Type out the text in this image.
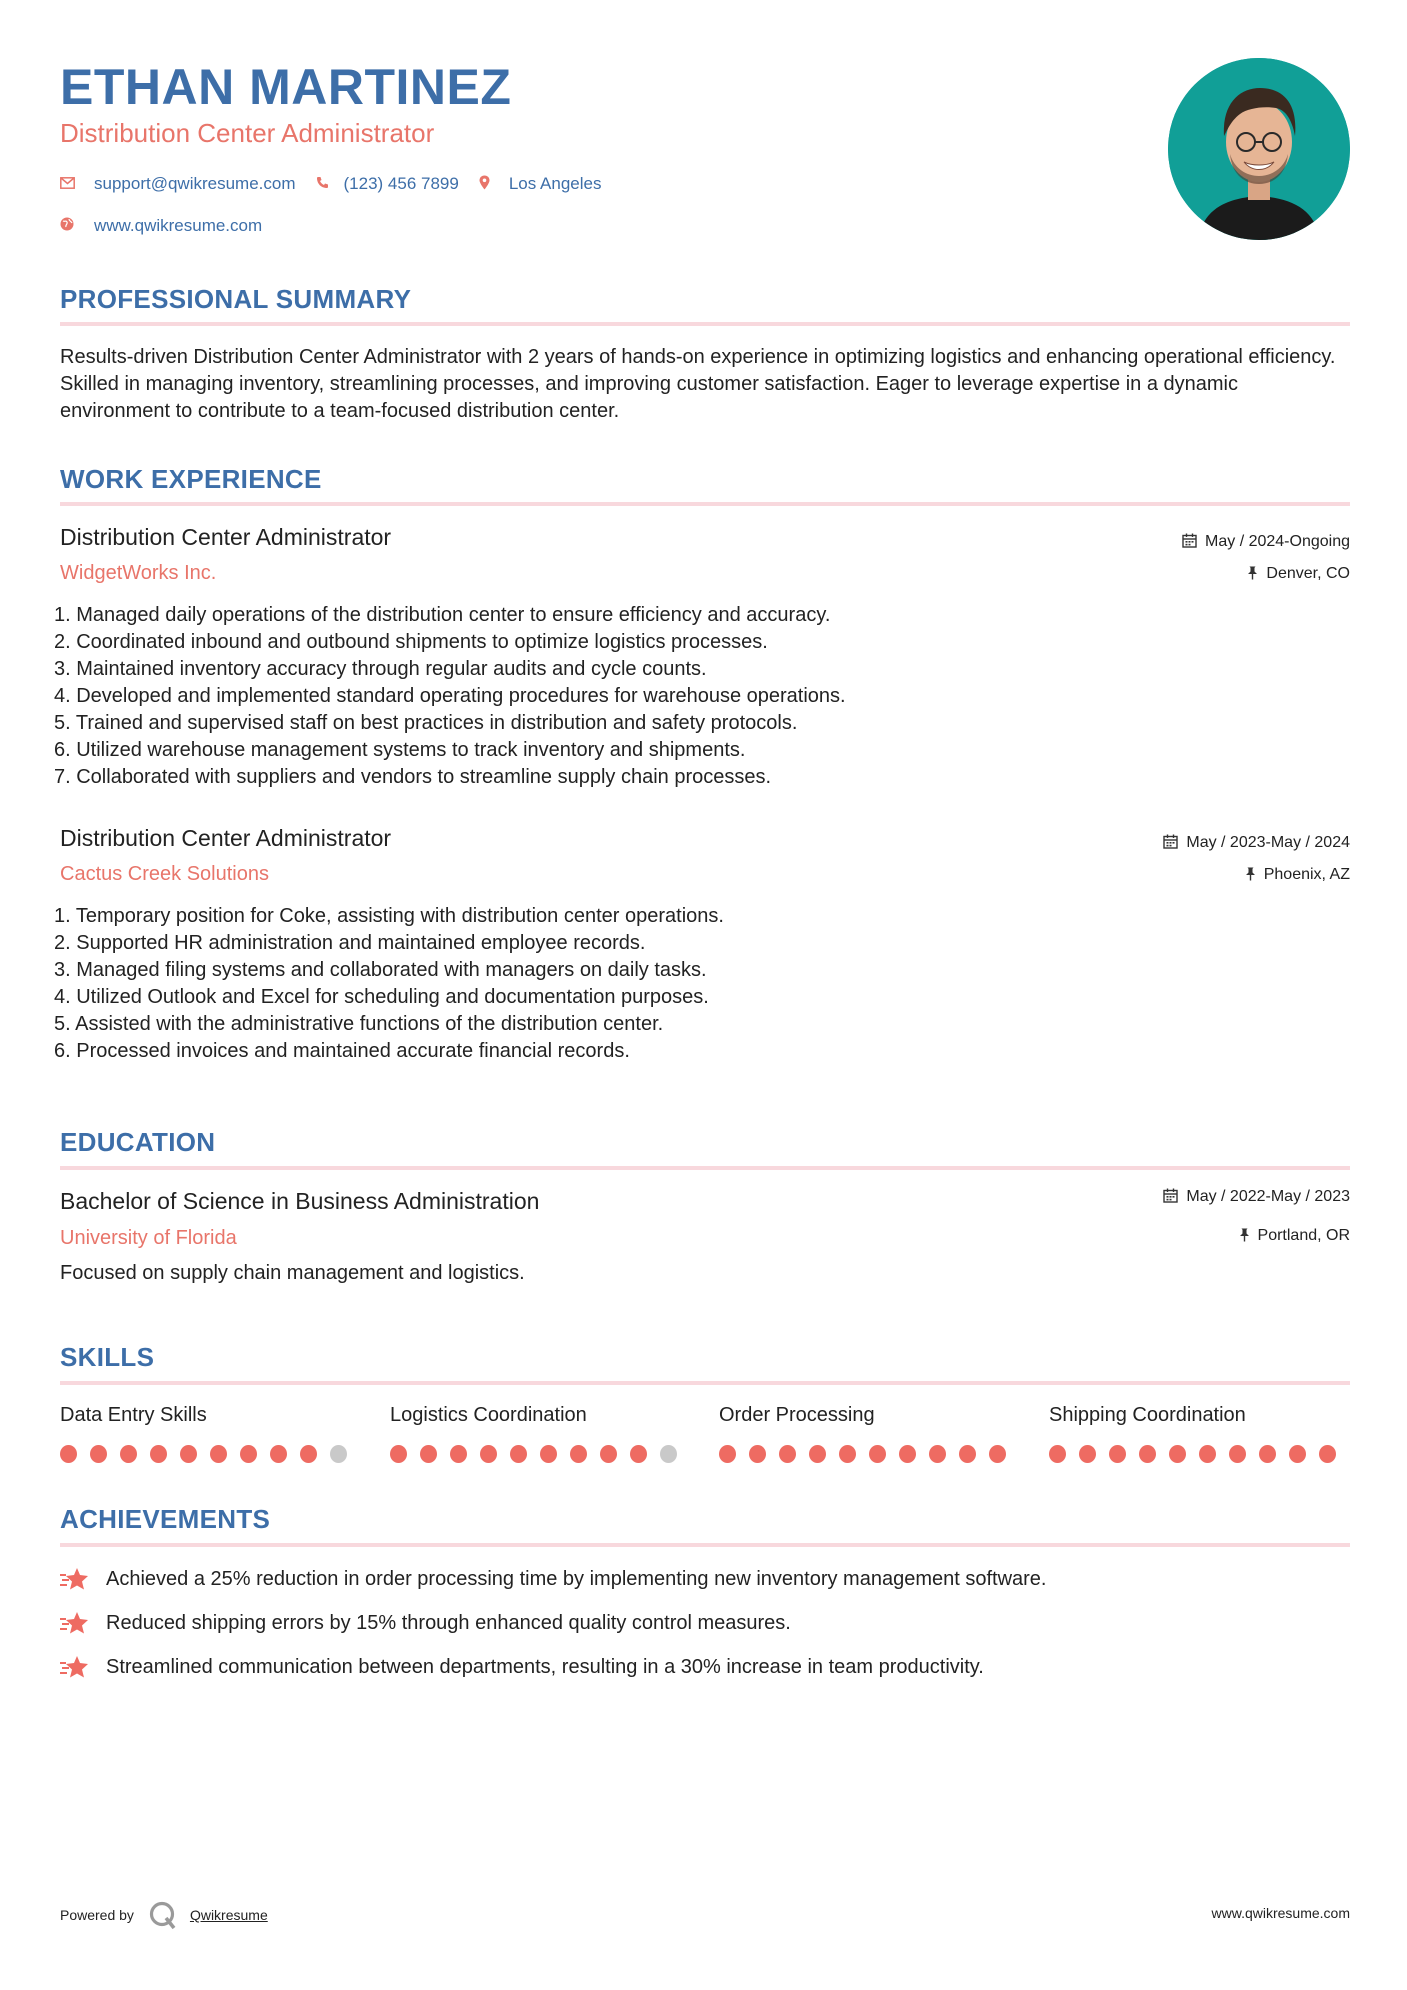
ETHAN MARTINEZ
Distribution Center Administrator
support@qwikresume.com	(123) 456 7899	Los Angeles
www.qwikresume.com
PROFESSIONAL SUMMARY
Results-driven Distribution Center Administrator with 2 years of hands-on experience in optimizing logistics and enhancing operational efficiency. Skilled in managing inventory, streamlining processes, and improving customer satisfaction. Eager to leverage expertise in a dynamic environment to contribute to a team-focused distribution center.
WORK EXPERIENCE
Distribution Center Administrator
WidgetWorks Inc.
May / 2024-Ongoing
Denver, CO
1. Managed daily operations of the distribution center to ensure efficiency and accuracy.
2. Coordinated inbound and outbound shipments to optimize logistics processes.
3. Maintained inventory accuracy through regular audits and cycle counts.
4. Developed and implemented standard operating procedures for warehouse operations.
5. Trained and supervised staff on best practices in distribution and safety protocols.
6. Utilized warehouse management systems to track inventory and shipments.
7. Collaborated with suppliers and vendors to streamline supply chain processes.
Distribution Center Administrator
Cactus Creek Solutions
May / 2023-May / 2024
Phoenix, AZ
1. Temporary position for Coke, assisting with distribution center operations.
2. Supported HR administration and maintained employee records.
3. Managed filing systems and collaborated with managers on daily tasks.
4. Utilized Outlook and Excel for scheduling and documentation purposes.
5. Assisted with the administrative functions of the distribution center.
6. Processed invoices and maintained accurate financial records.
EDUCATION
Bachelor of Science in Business Administration
University of Florida
May / 2022-May / 2023
Portland, OR
Focused on supply chain management and logistics.
SKILLS
Data Entry Skills	Logistics Coordination	Order Processing	Shipping Coordination
ACHIEVEMENTS
Achieved a 25% reduction in order processing time by implementing new inventory management software.
Reduced shipping errors by 15% through enhanced quality control measures.
Streamlined communication between departments, resulting in a 30% increase in team productivity.
Powered by	Qwikresume	www.qwikresume.com
